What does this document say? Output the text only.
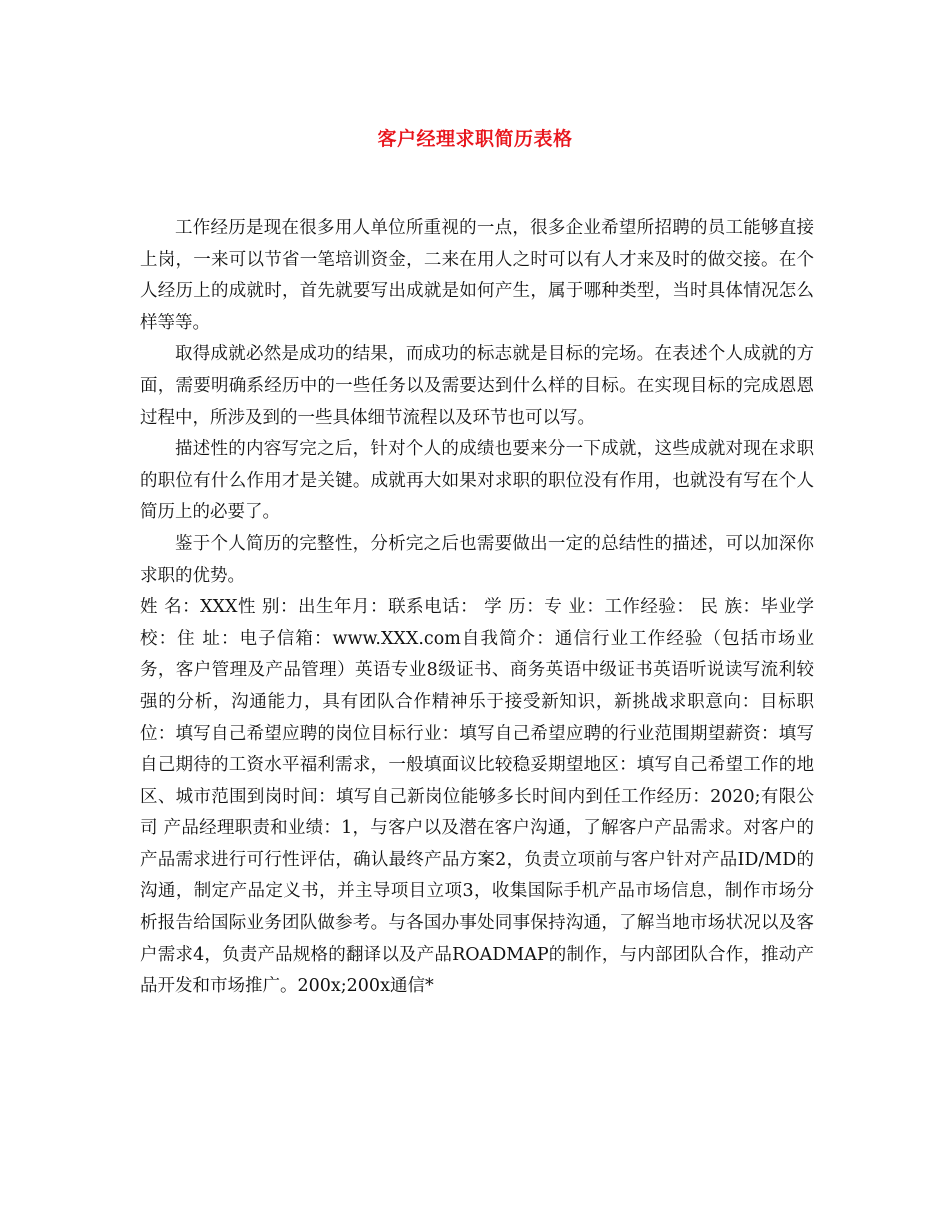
客户经理求职简历表格

工作经历是现在很多用人单位所重视的一点，很多企业希望所招聘的员工能够直接上岗，一来可以节省一笔培训资金，二来在用人之时可以有人才来及时的做交接。在个人经历上的成就时，首先就要写出成就是如何产生，属于哪种类型，当时具体情况怎么样等等。

取得成就必然是成功的结果，而成功的标志就是目标的完场。在表述个人成就的方面，需要明确系经历中的一些任务以及需要达到什么样的目标。在实现目标的完成恩恩过程中，所涉及到的一些具体细节流程以及环节也可以写。

描述性的内容写完之后，针对个人的成绩也要来分一下成就，这些成就对现在求职的职位有什么作用才是关键。成就再大如果对求职的职位没有作用，也就没有写在个人简历上的必要了。

鉴于个人简历的完整性，分析完之后也需要做出一定的总结性的描述，可以加深你求职的优势。

姓 名：XXX性 别：出生年月：联系电话： 学 历：专 业：工作经验： 民 族：毕业学校：住 址：电子信箱：www.XXX.com自我简介：通信行业工作经验（包括市场业务，客户管理及产品管理）英语专业8级证书、商务英语中级证书英语听说读写流利较强的分析，沟通能力，具有团队合作精神乐于接受新知识，新挑战求职意向：目标职位：填写自己希望应聘的岗位目标行业：填写自己希望应聘的行业范围期望薪资：填写自己期待的工资水平福利需求，一般填面议比较稳妥期望地区：填写自己希望工作的地区、城市范围到岗时间：填写自己新岗位能够多长时间内到任工作经历：2020;有限公司 产品经理职责和业绩：1，与客户以及潜在客户沟通，了解客户产品需求。对客户的产品需求进行可行性评估，确认最终产品方案2，负责立项前与客户针对产品ID/MD的沟通，制定产品定义书，并主导项目立项3，收集国际手机产品市场信息，制作市场分析报告给国际业务团队做参考。与各国办事处同事保持沟通，了解当地市场状况以及客户需求4，负责产品规格的翻译以及产品ROADMAP的制作，与内部团队合作，推动产品开发和市场推广。200x;200x通信*
